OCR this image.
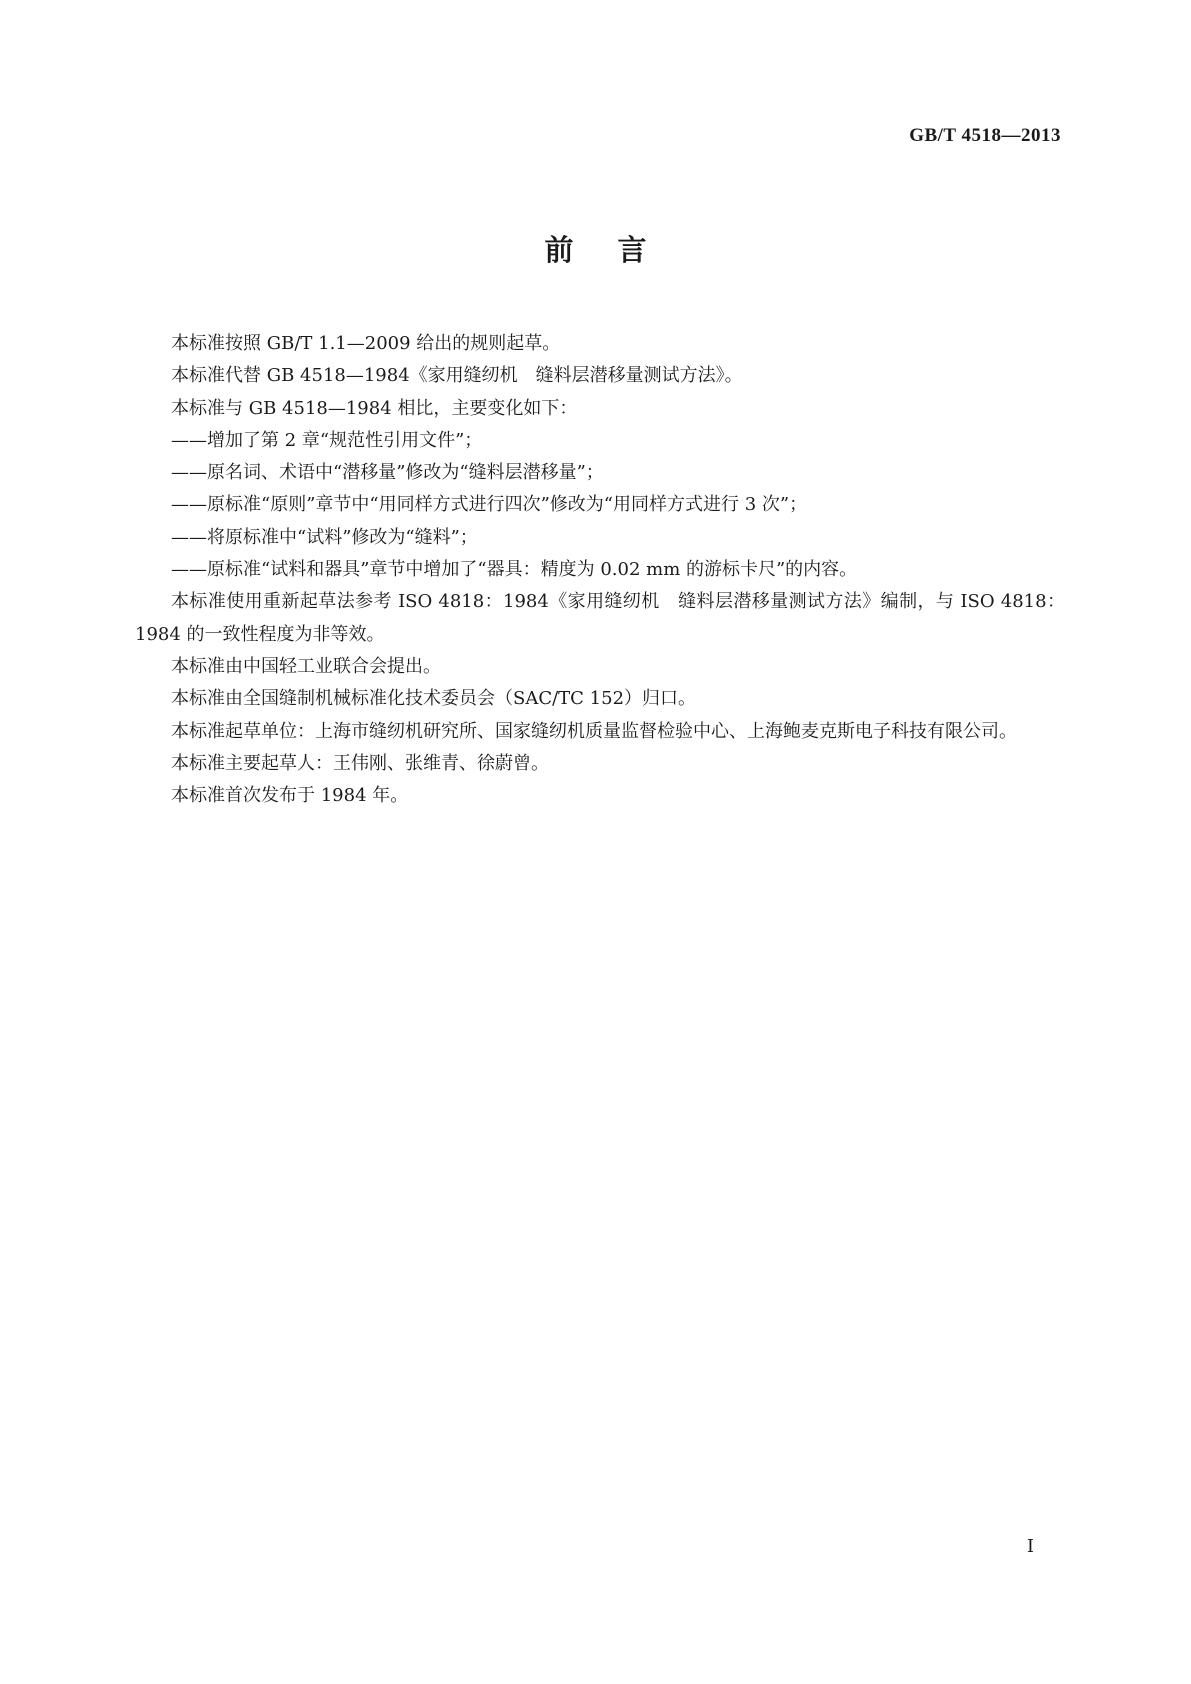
GB/T 4518—2013
前言

本标准按照 GB/T 1.1—2009 给出的规则起草。

本标准代替 GB 4518—1984《家用缝纫机　缝料层潜移量测试方法》。

本标准与 GB 4518—1984 相比，主要变化如下：

——增加了第 2 章“规范性引用文件”；

——原名词、术语中“潜移量”修改为“缝料层潜移量”；

——原标准“原则”章节中“用同样方式进行四次”修改为“用同样方式进行 3 次”；

——将原标准中“试料”修改为“缝料”；

——原标准“试料和器具”章节中增加了“器具：精度为 0.02 mm 的游标卡尺”的内容。

本标准使用重新起草法参考 ISO 4818：1984《家用缝纫机　缝料层潜移量测试方法》编制，与 ISO 4818：1984 的一致性程度为非等效。

本标准由中国轻工业联合会提出。

本标准由全国缝制机械标准化技术委员会（SAC/TC 152）归口。

本标准起草单位：上海市缝纫机研究所、国家缝纫机质量监督检验中心、上海鲍麦克斯电子科技有限公司。

本标准主要起草人：王伟刚、张维青、徐蔚曾。

本标准首次发布于 1984 年。

I
